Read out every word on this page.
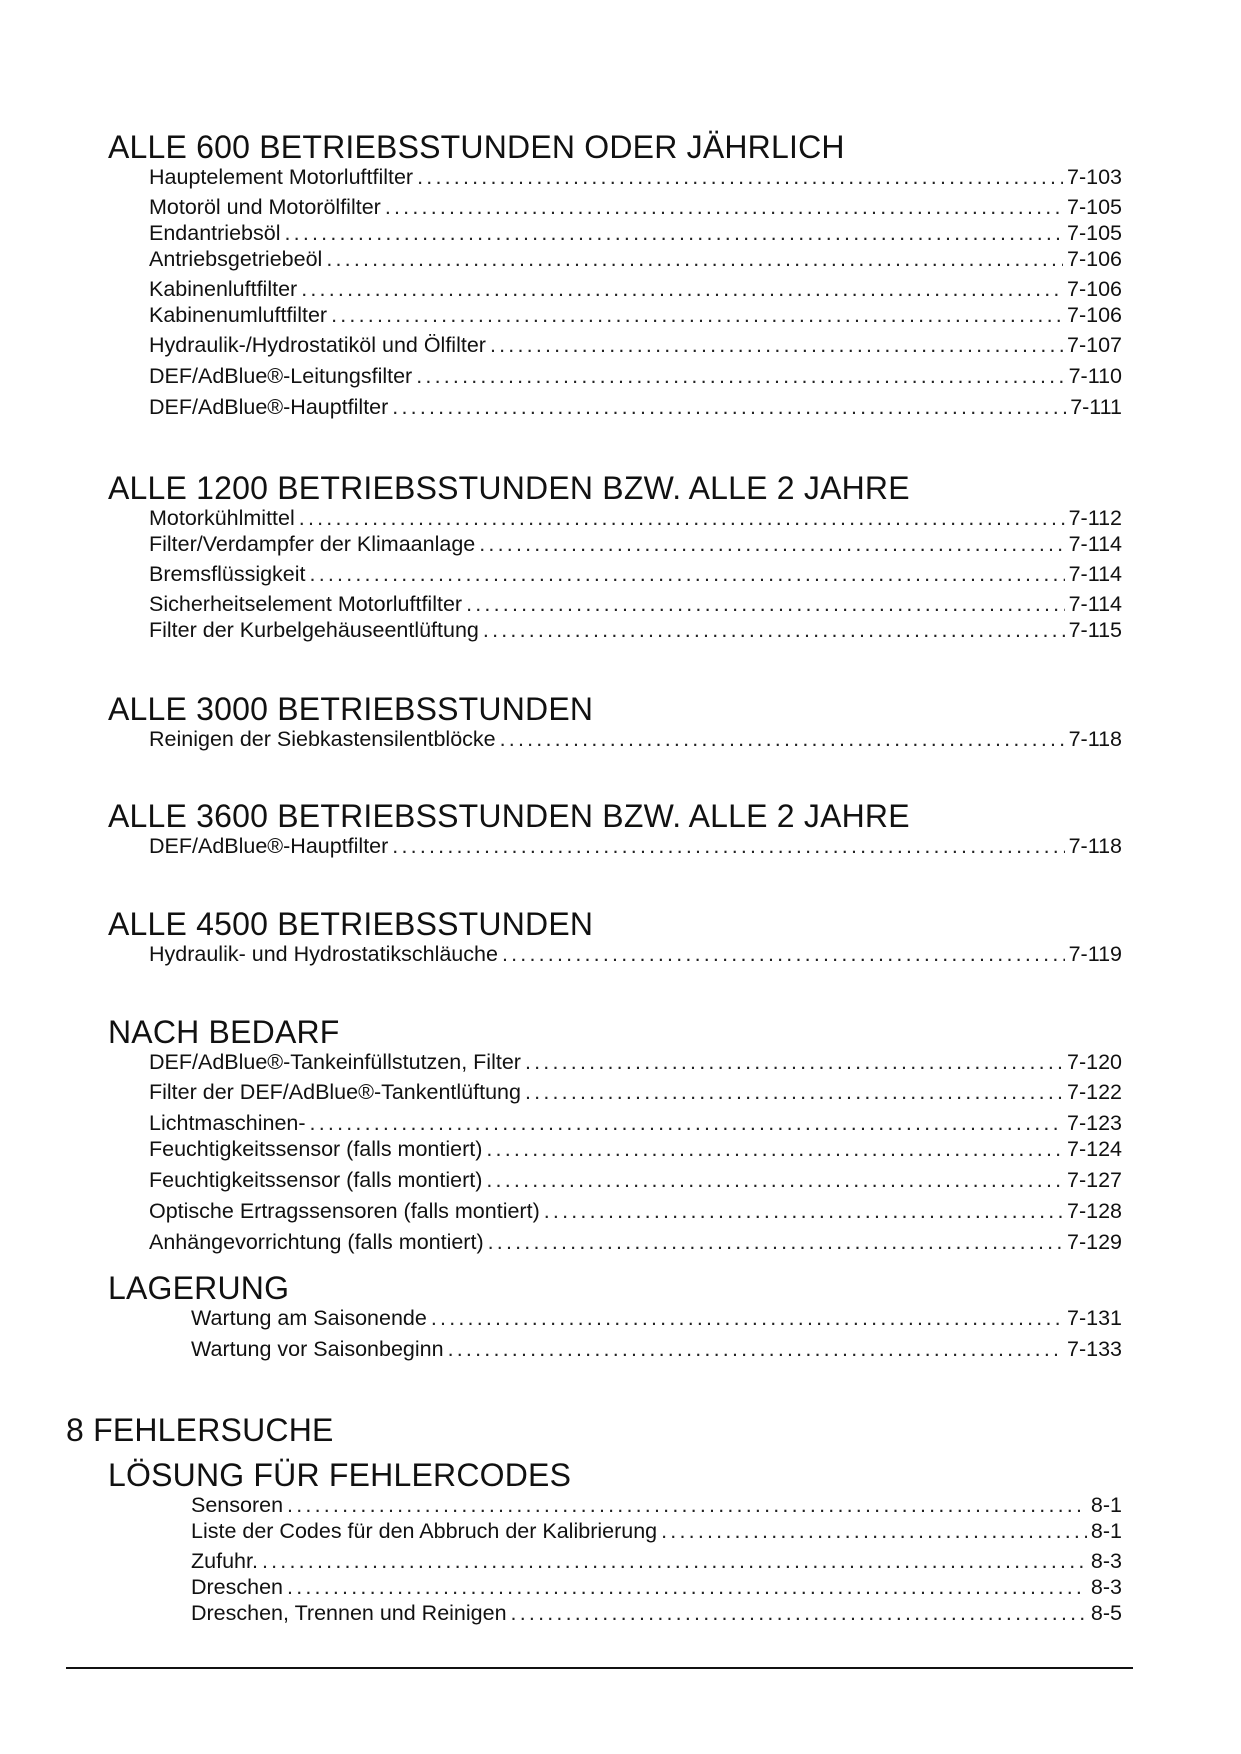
ALLE 600 BETRIEBSSTUNDEN ODER JÄHRLICH
Hauptelement Motorluftfilter .....	7-103
Motoröl und Motorölfilter .....	7-105
Endantriebsöl .....	7-105
Antriebsgetriebeöl .....	7-106
Kabinenluftfilter .....	7-106
Kabinenumluftfilter .....	7-106
Hydraulik-/Hydrostatiköl und Ölfilter .....	7-107
DEF/AdBlue®-Leitungsfilter .....	7-110
DEF/AdBlue®-Hauptfilter .....	7-111
ALLE 1200 BETRIEBSSTUNDEN BZW. ALLE 2 JAHRE
Motorkühlmittel .....	7-112
Filter/Verdampfer der Klimaanlage .....	7-114
Bremsflüssigkeit .....	7-114
Sicherheitselement Motorluftfilter .....	7-114
Filter der Kurbelgehäuseentlüftung .....	7-115
ALLE 3000 BETRIEBSSTUNDEN
Reinigen der Siebkastensilentblöcke .....	7-118
ALLE 3600 BETRIEBSSTUNDEN BZW. ALLE 2 JAHRE
DEF/AdBlue®-Hauptfilter .....	7-118
ALLE 4500 BETRIEBSSTUNDEN
Hydraulik- und Hydrostatikschläuche .....	7-119
NACH BEDARF
DEF/AdBlue®-Tankeinfüllstutzen, Filter .....	7-120
Filter der DEF/AdBlue®-Tankentlüftung .....	7-122
Lichtmaschinen- .....	7-123
Feuchtigkeitssensor (falls montiert) .....	7-124
Feuchtigkeitssensor (falls montiert) .....	7-127
Optische Ertragssensoren (falls montiert) .....	7-128
Anhängevorrichtung (falls montiert) .....	7-129
LAGERUNG
Wartung am Saisonende .....	7-131
Wartung vor Saisonbeginn .....	7-133
8 FEHLERSUCHE
LÖSUNG FÜR FEHLERCODES
Sensoren .....	8-1
Liste der Codes für den Abbruch der Kalibrierung .....	8-1
Zufuhr. .....	8-3
Dreschen .....	8-3
Dreschen, Trennen und Reinigen .....	8-5
